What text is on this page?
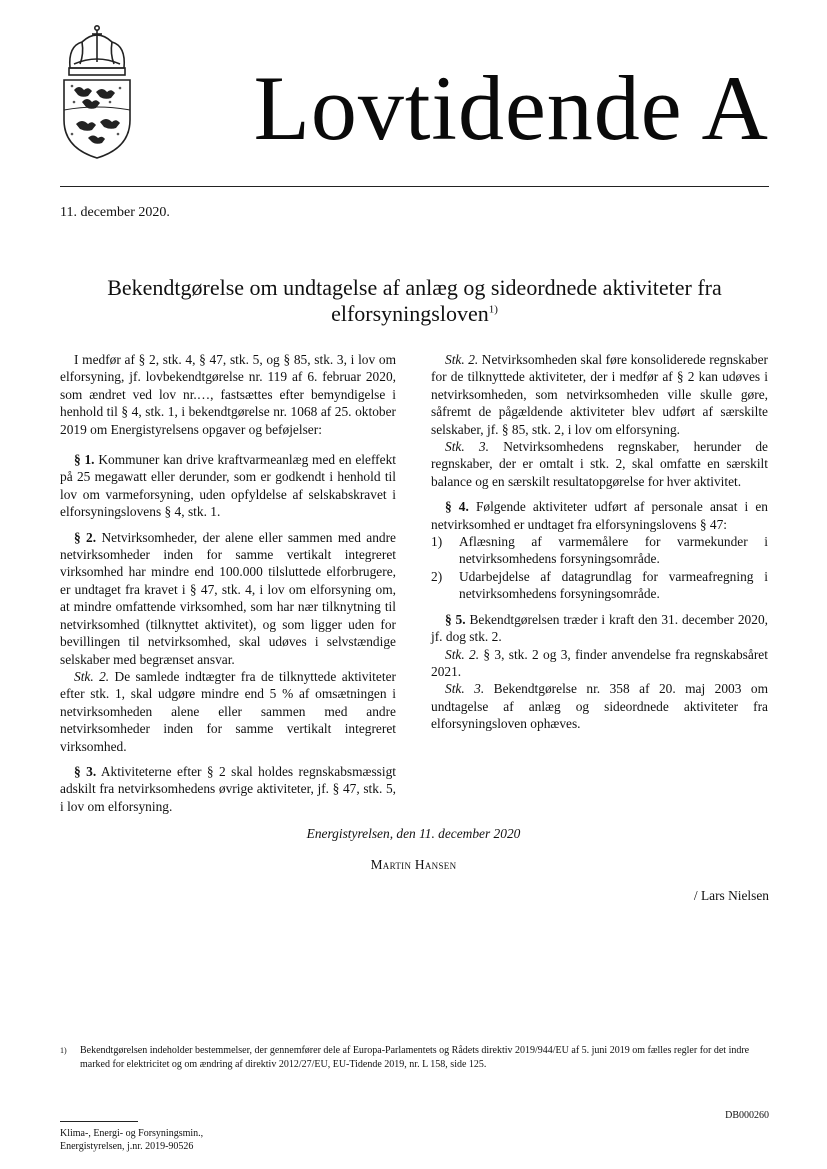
Lovtidende A
11. december 2020.
Bekendtgørelse om undtagelse af anlæg og sideordnede aktiviteter fra
elforsyningsloven$^{1)}$

I medfør af § 2, stk. 4, § 47, stk. 5, og § 85, stk. 3, i lov om elforsyning, jf. lovbekendtgørelse nr. 119 af 6. februar 2020, som ændret ved lov nr.…, fastsættes efter bemyndigelse i henhold til § 4, stk. 1, i bekendtgørelse nr. 1068 af 25. oktober 2019 om Energistyrelsens opgaver og beføjelser:

§ 1. Kommuner kan drive kraftvarmeanlæg med en eleffekt på 25 megawatt eller derunder, som er godkendt i henhold til lov om varmeforsyning, uden opfyldelse af selskabskravet i elforsyningslovens § 4, stk. 1.

§ 2. Netvirksomheder, der alene eller sammen med andre netvirksomheder inden for samme vertikalt integreret virksomhed har mindre end 100.000 tilsluttede elforbrugere, er undtaget fra kravet i § 47, stk. 4, i lov om elforsyning om, at mindre omfattende virksomhed, som har nær tilknytning til netvirksomhed (tilknyttet aktivitet), og som ligger uden for bevillingen til netvirksomhed, skal udøves i selvstændige selskaber med begrænset ansvar.

Stk. 2. De samlede indtægter fra de tilknyttede aktiviteter efter stk. 1, skal udgøre mindre end 5 % af omsætningen i netvirksomheden alene eller sammen med andre netvirksomheder inden for samme vertikalt integreret virksomhed.

§ 3. Aktiviteterne efter § 2 skal holdes regnskabsmæssigt adskilt fra netvirksomhedens øvrige aktiviteter, jf. § 47, stk. 5, i lov om elforsyning.

Stk. 2. Netvirksomheden skal føre konsoliderede regnskaber for de tilknyttede aktiviteter, der i medfør af § 2 kan udøves i netvirksomheden, som netvirksomheden ville skulle gøre, såfremt de pågældende aktiviteter blev udført af særskilte selskaber, jf. § 85, stk. 2, i lov om elforsyning.

Stk. 3. Netvirksomhedens regnskaber, herunder de regnskaber, der er omtalt i stk. 2, skal omfatte en særskilt balance og en særskilt resultatopgørelse for hver aktivitet.

§ 4. Følgende aktiviteter udført af personale ansat i en netvirksomhed er undtaget fra elforsyningslovens § 47:

1)	Aflæsning af varmemålere for varmekunder i netvirksomhedens forsyningsområde.
2)	Udarbejdelse af datagrundlag for varmeafregning i netvirksomhedens forsyningsområde.

§ 5. Bekendtgørelsen træder i kraft den 31. december 2020, jf. dog stk. 2.

Stk. 2. § 3, stk. 2 og 3, finder anvendelse fra regnskabsåret 2021.

Stk. 3. Bekendtgørelse nr. 358 af 20. maj 2003 om undtagelse af anlæg og sideordnede aktiviteter fra elforsyningsloven ophæves.

Energistyrelsen, den 11. december 2020
Martin Hansen
/ Lars Nielsen
1)	Bekendtgørelsen indeholder bestemmelser, der gennemfører dele af Europa-Parlamentets og Rådets direktiv 2019/944/EU af 5. juni 2019 om fælles regler for det indre marked for elektricitet og om ændring af direktiv 2012/27/EU, EU-Tidende 2019, nr. L 158, side 125.
DB000260
Klima-, Energi- og Forsyningsmin.,
Energistyrelsen, j.nr. 2019-90526
